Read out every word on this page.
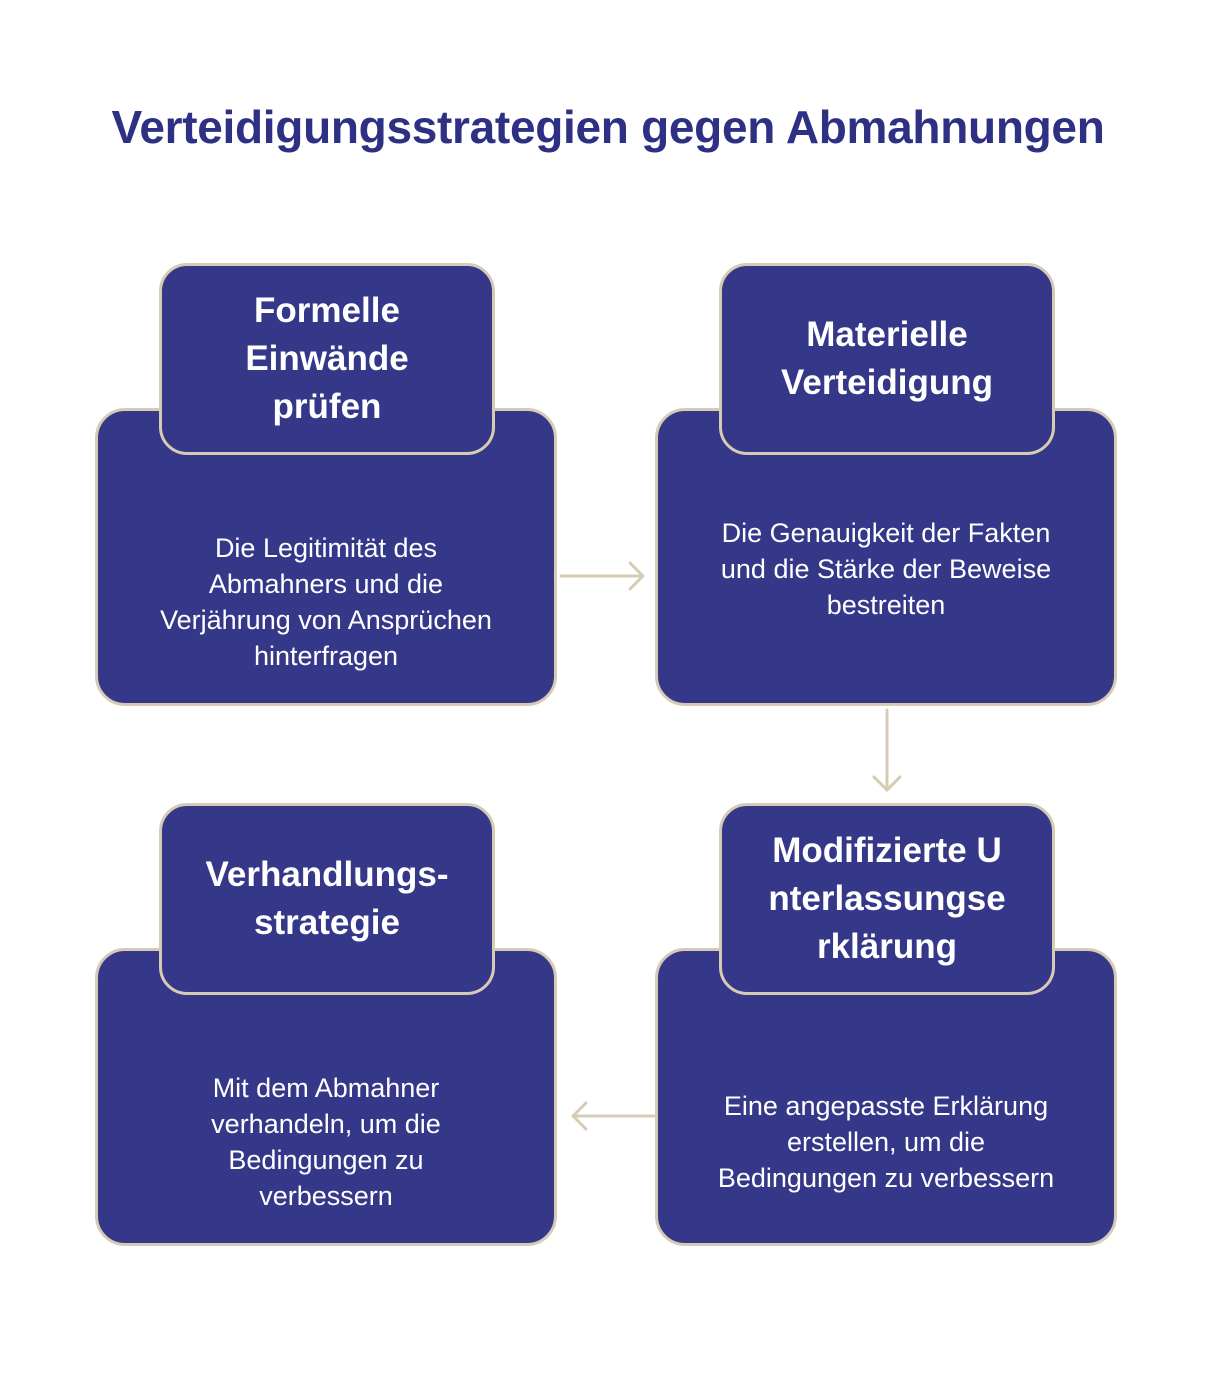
Verteidigungsstrategien gegen Abmahnungen
Die Legitimität des Abmahners und die Verjährung von Ansprüchen hinterfragen
Formelle Einwände prüfen
Die Genauigkeit der Fakten und die Stärke der Beweise bestreiten
Materielle Verteidigung
Eine angepasste Erklärung erstellen, um die Bedingungen zu verbessern
Modifizierte Unterlassungserklärung
Mit dem Abmahner verhandeln, um die Bedingungen zu verbessern
Verhandlungs-strategie
